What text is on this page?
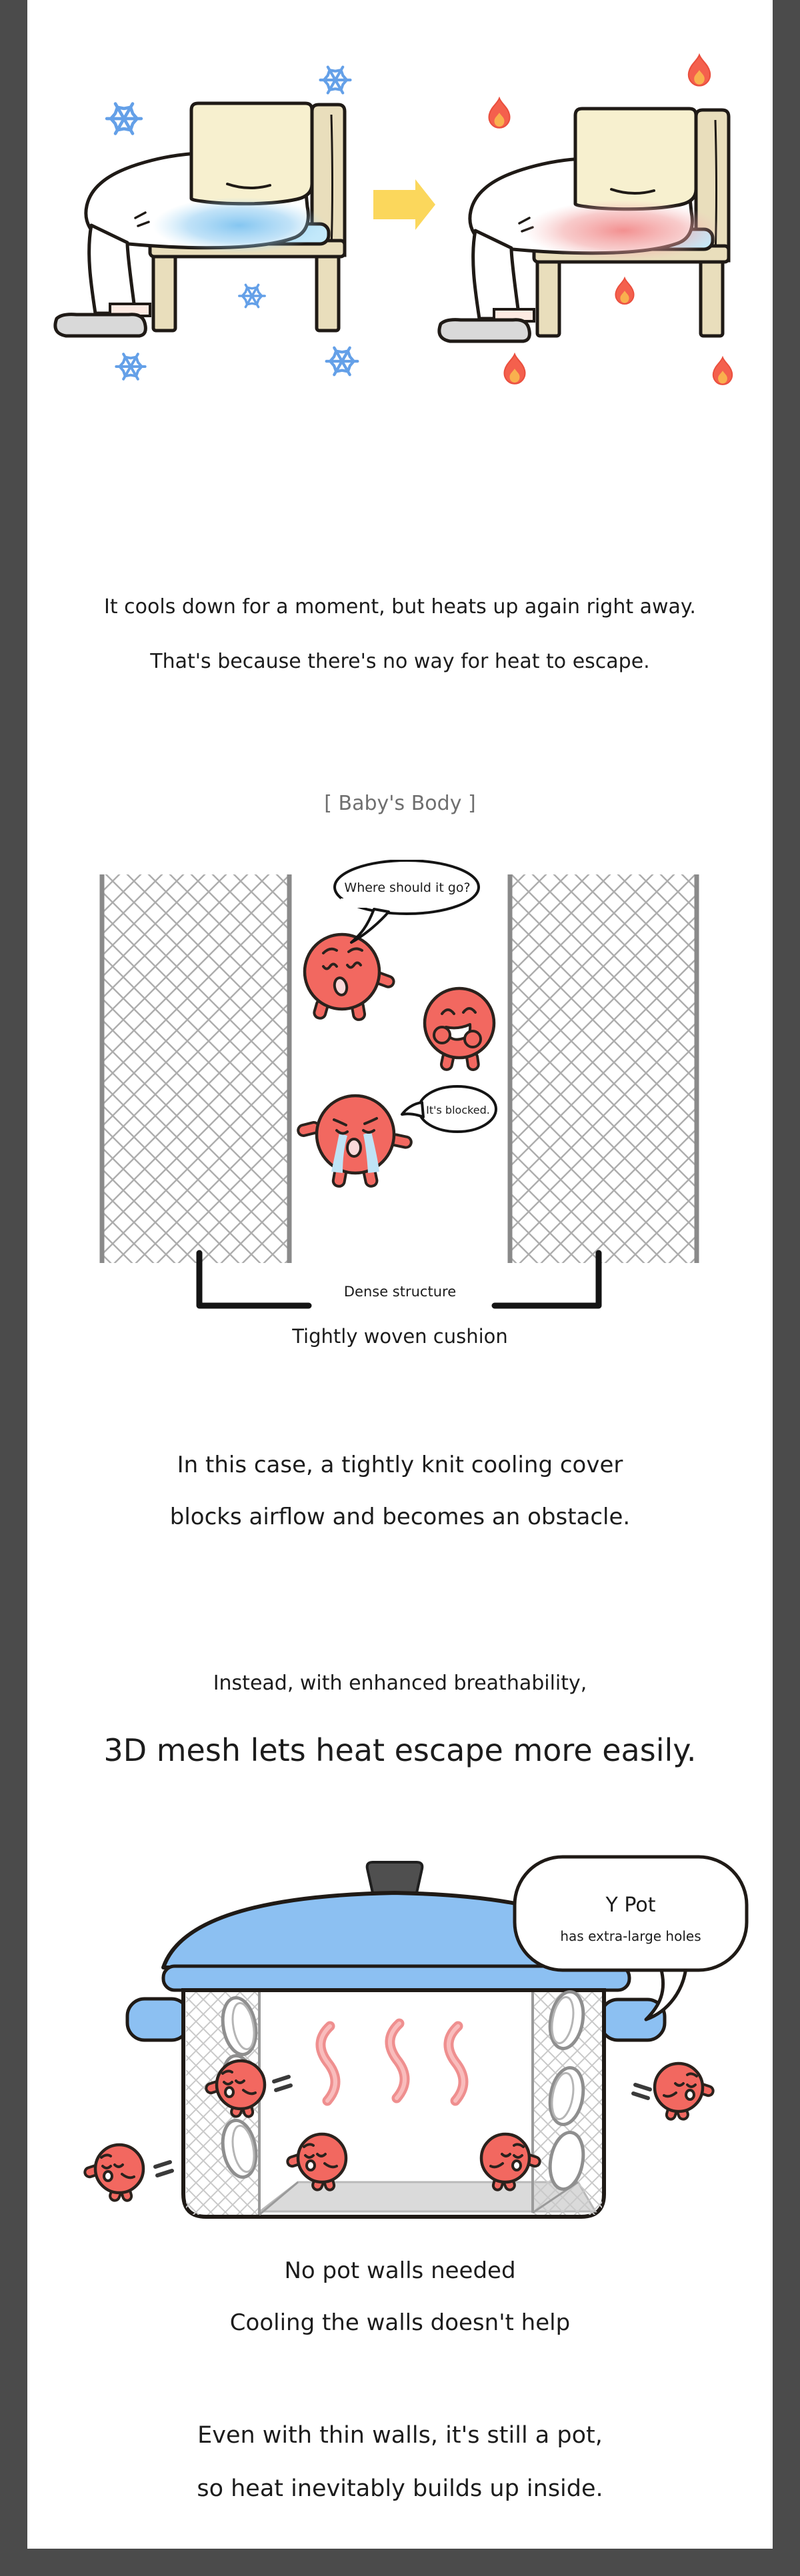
It cools down for a moment, but heats up again right away.
That's because there's no way for heat to escape.
[ Baby's Body ]
Where should it go?
It's blocked.
Dense structure
Tightly woven cushion
In this case, a tightly knit cooling cover
blocks airflow and becomes an obstacle.
Instead, with enhanced breathability,
3D mesh lets heat escape more easily.
Y Pot
has extra-large holes
No pot walls needed
Cooling the walls doesn't help
Even with thin walls, it's still a pot,
so heat inevitably builds up inside.
